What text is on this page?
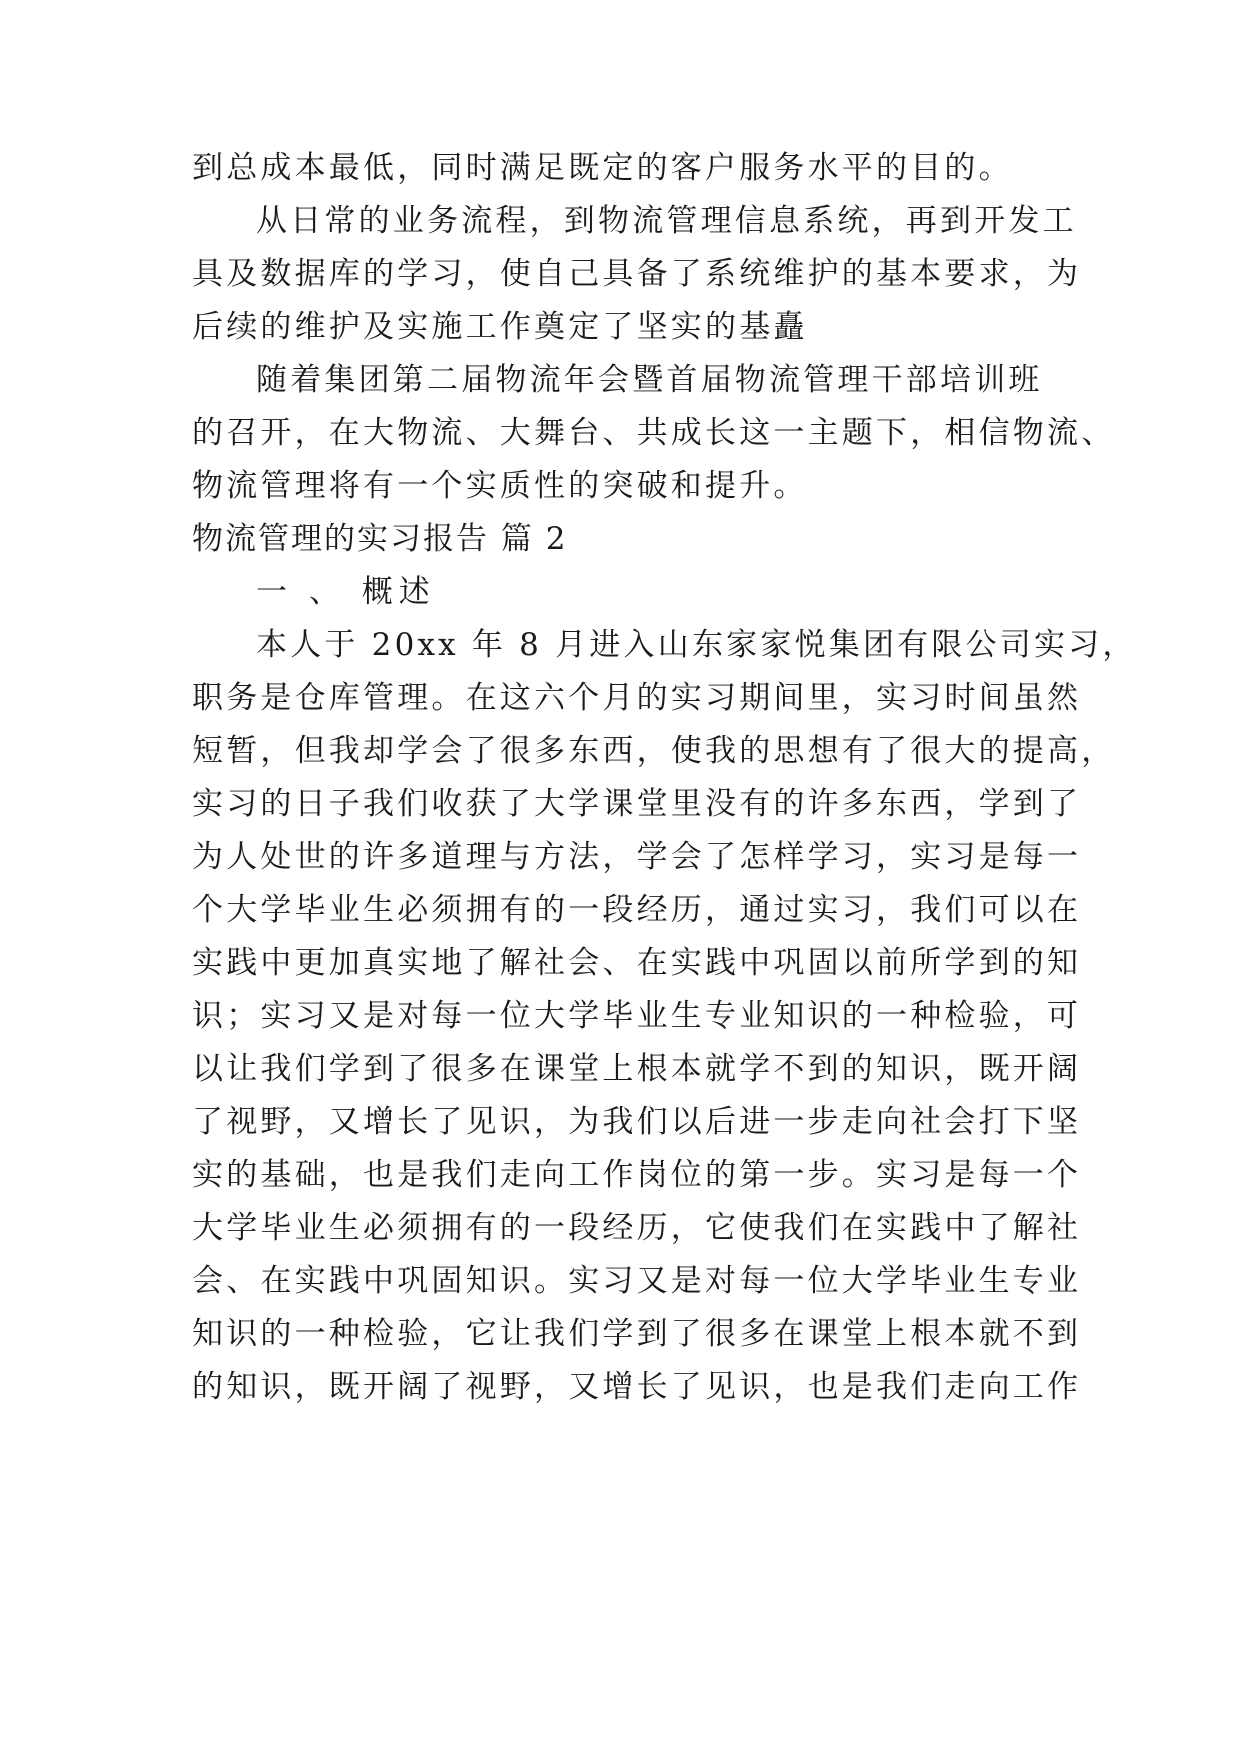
到总成本最低，同时满足既定的客户服务水平的目的。
从日常的业务流程，到物流管理信息系统，再到开发工
具及数据库的学习，使自己具备了系统维护的基本要求，为
后续的维护及实施工作奠定了坚实的基矗
随着集团第二届物流年会暨首届物流管理干部培训班
的召开，在大物流、大舞台、共成长这一主题下，相信物流、
物流管理将有一个实质性的突破和提升。
物流管理的实习报告 篇 2
一 、 概述
本人于 20xx 年 8 月进入山东家家悦集团有限公司实习，
职务是仓库管理。在这六个月的实习期间里，实习时间虽然
短暂，但我却学会了很多东西，使我的思想有了很大的提高，
实习的日子我们收获了大学课堂里没有的许多东西，学到了
为人处世的许多道理与方法，学会了怎样学习，实习是每一
个大学毕业生必须拥有的一段经历，通过实习，我们可以在
实践中更加真实地了解社会、在实践中巩固以前所学到的知
识；实习又是对每一位大学毕业生专业知识的一种检验，可
以让我们学到了很多在课堂上根本就学不到的知识，既开阔
了视野，又增长了见识，为我们以后进一步走向社会打下坚
实的基础，也是我们走向工作岗位的第一步。实习是每一个
大学毕业生必须拥有的一段经历，它使我们在实践中了解社
会、在实践中巩固知识。实习又是对每一位大学毕业生专业
知识的一种检验，它让我们学到了很多在课堂上根本就不到
的知识，既开阔了视野，又增长了见识，也是我们走向工作
